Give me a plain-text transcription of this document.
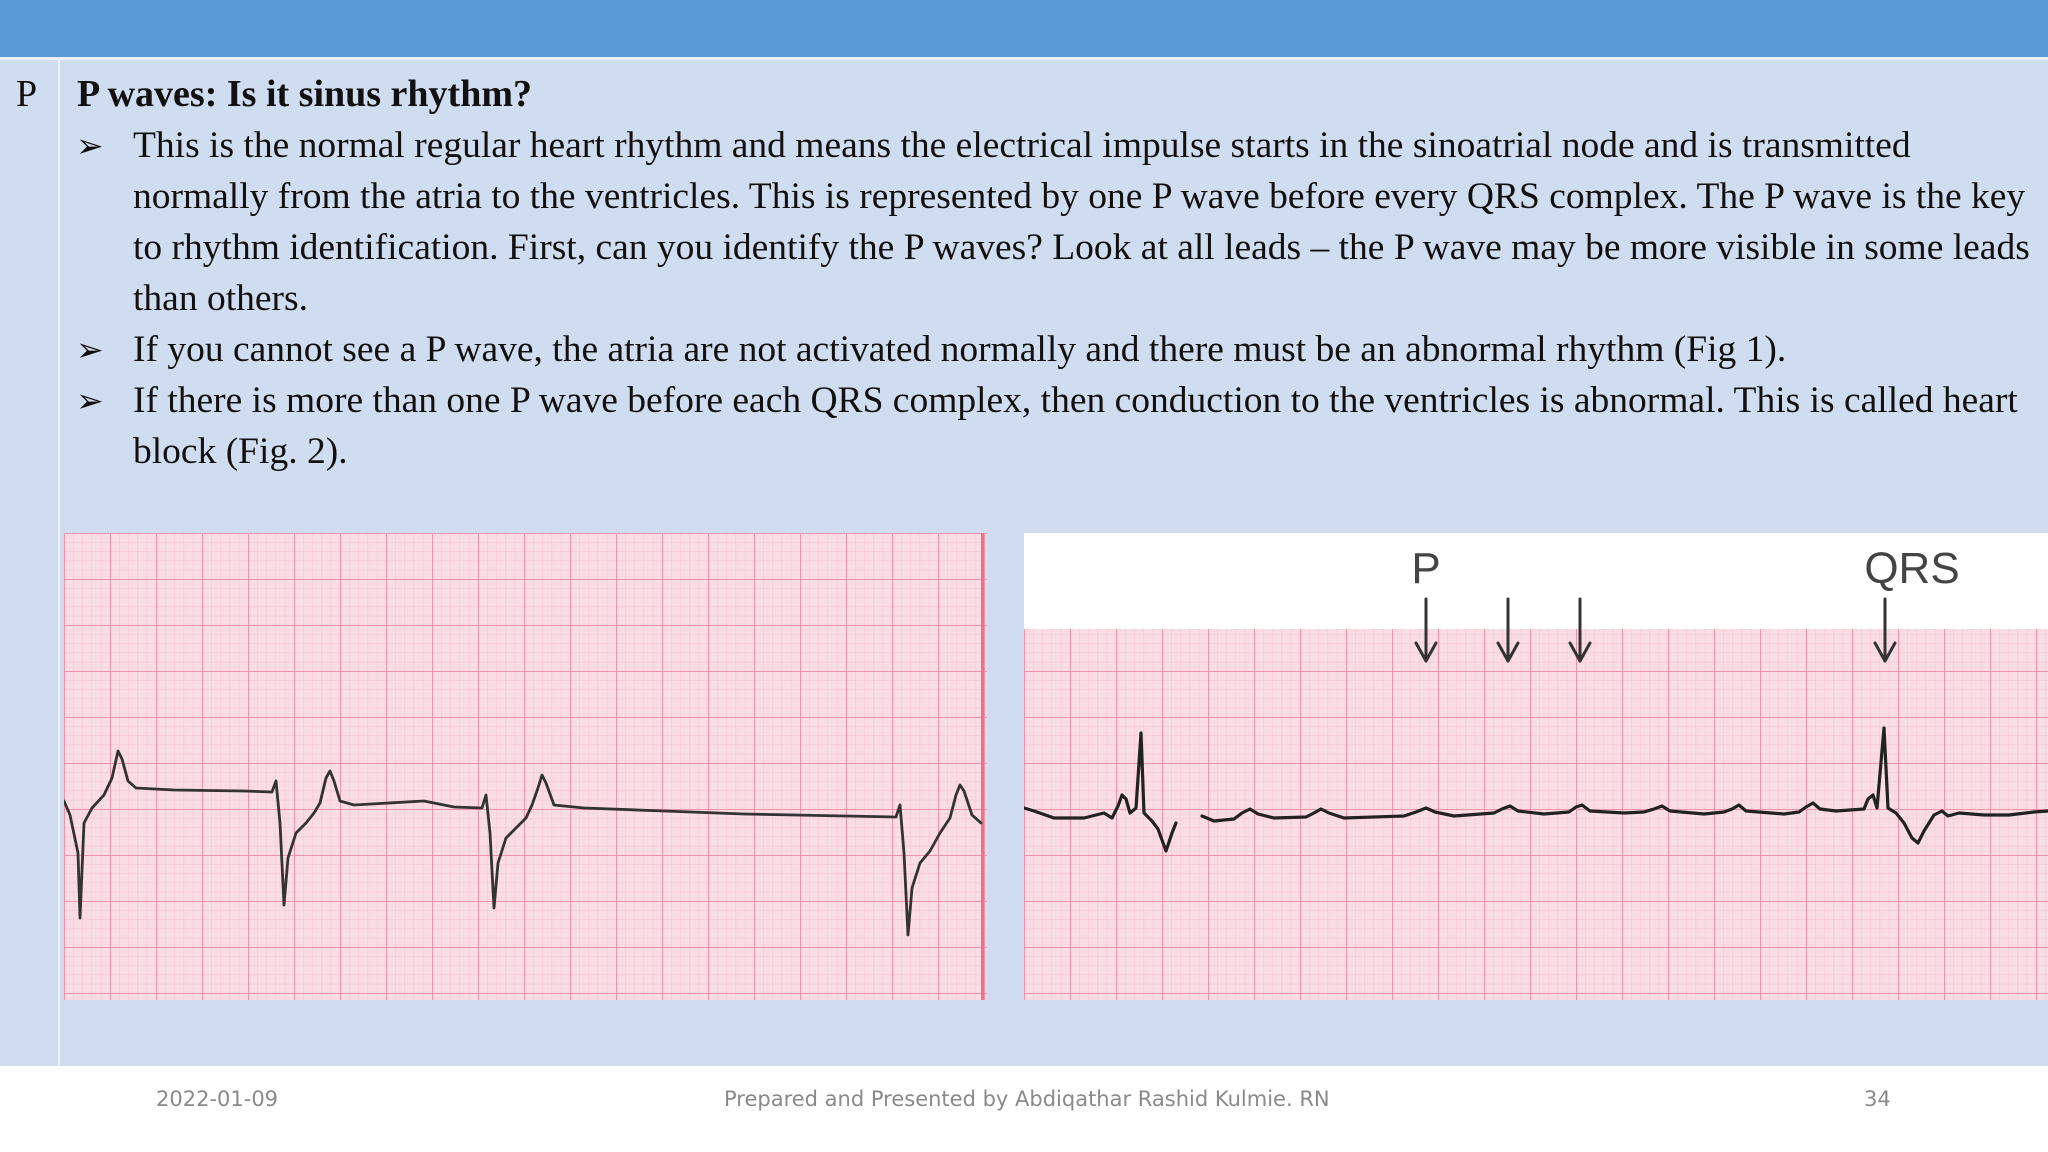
P P waves: Is it sinus rhythm?
➢ This is the normal regular heart rhythm and means the electrical impulse starts in the sinoatrial node and is transmitted normally from the atria to the ventricles. This is represented by one P wave before every QRS complex. The P wave is the key to rhythm identification. First, can you identify the P waves? Look at all leads – the P wave may be more visible in some leads than others.
➢ If you cannot see a P wave, the atria are not activated normally and there must be an abnormal rhythm (Fig 1).
➢ If there is more than one P wave before each QRS complex, then conduction to the ventricles is abnormal. This is called heart block (Fig. 2).
P	QRS
2022-01-09	Prepared and Presented by Abdiqathar Rashid Kulmie. RN	34
